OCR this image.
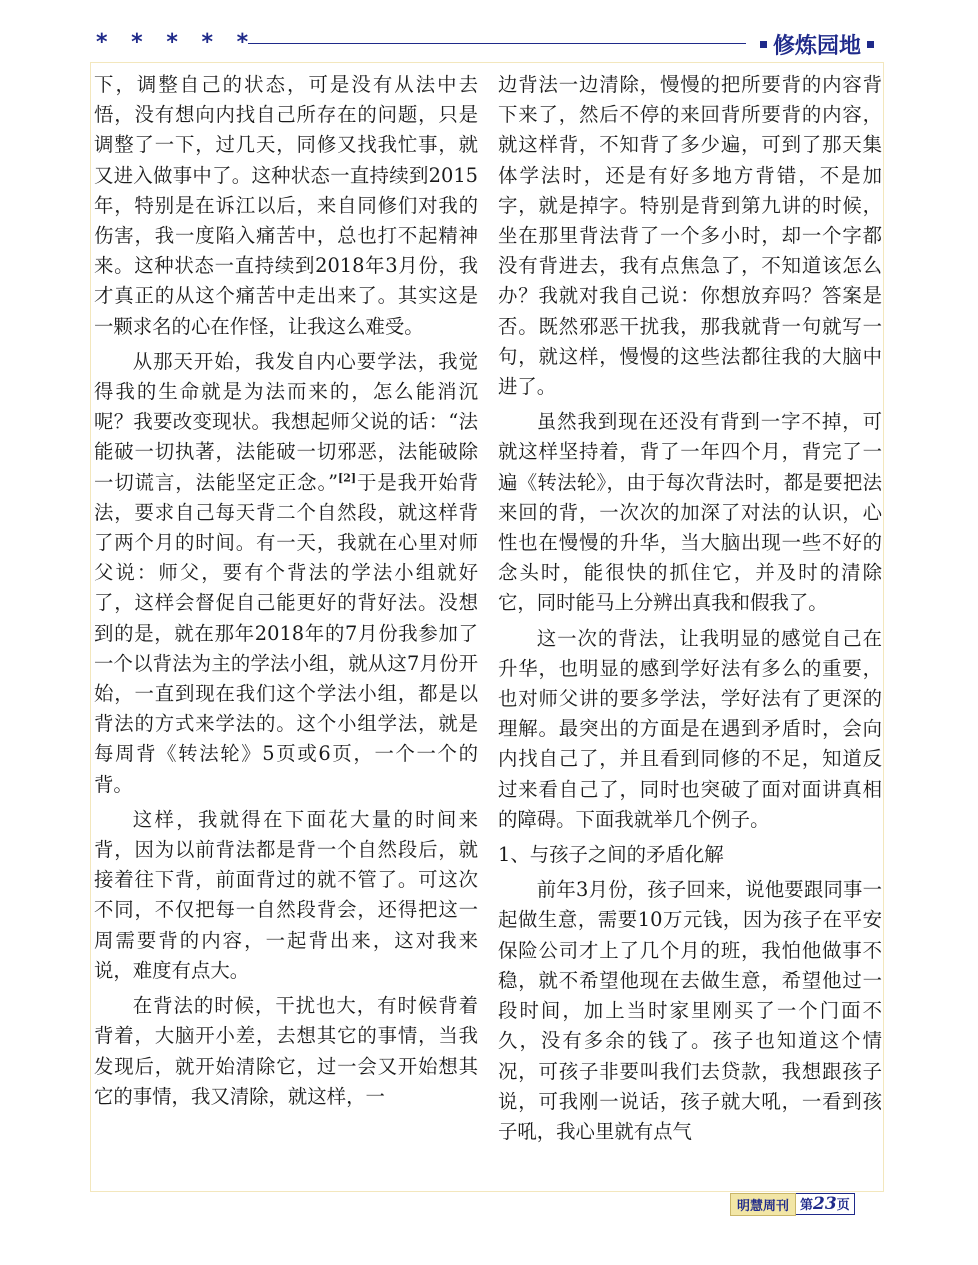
* * * * *	修炼园地

下，调整自己的状态，可是没有从法中去悟，没有想向内找自己所存在的问题，只是调整了一下，过几天，同修又找我忙事，就又进入做事中了。这种状态一直持续到2015年，特别是在诉江以后，来自同修们对我的伤害，我一度陷入痛苦中，总也打不起精神来。这种状态一直持续到2018年3月份，我才真正的从这个痛苦中走出来了。其实这是一颗求名的心在作怪，让我这么难受。

从那天开始，我发自内心要学法，我觉得我的生命就是为法而来的，怎么能消沉呢？我要改变现状。我想起师父说的话：“法能破一切执著，法能破一切邪恶，法能破除一切谎言，法能坚定正念。”[2]于是我开始背法，要求自己每天背二个自然段，就这样背了两个月的时间。有一天，我就在心里对师父说：师父，要有个背法的学法小组就好了，这样会督促自己能更好的背好法。没想到的是，就在那年2018年的7月份我参加了一个以背法为主的学法小组，就从这7月份开始，一直到现在我们这个学法小组，都是以背法的方式来学法的。这个小组学法，就是每周背《转法轮》5页或6页，一个一个的背。

这样，我就得在下面花大量的时间来背，因为以前背法都是背一个自然段后，就接着往下背，前面背过的就不管了。可这次不同，不仅把每一自然段背会，还得把这一周需要背的内容，一起背出来，这对我来说，难度有点大。

在背法的时候，干扰也大，有时候背着背着，大脑开小差，去想其它的事情，当我发现后，就开始清除它，过一会又开始想其它的事情，我又清除，就这样，一

边背法一边清除，慢慢的把所要背的内容背下来了，然后不停的来回背所要背的内容，就这样背，不知背了多少遍，可到了那天集体学法时，还是有好多地方背错，不是加字，就是掉字。特别是背到第九讲的时候，坐在那里背法背了一个多小时，却一个字都没有背进去，我有点焦急了，不知道该怎么办？我就对我自己说：你想放弃吗？答案是否。既然邪恶干扰我，那我就背一句就写一句，就这样，慢慢的这些法都往我的大脑中进了。

虽然我到现在还没有背到一字不掉，可就这样坚持着，背了一年四个月，背完了一遍《转法轮》，由于每次背法时，都是要把法来回的背，一次次的加深了对法的认识，心性也在慢慢的升华，当大脑出现一些不好的念头时，能很快的抓住它，并及时的清除它，同时能马上分辨出真我和假我了。

这一次的背法，让我明显的感觉自己在升华，也明显的感到学好法有多么的重要，也对师父讲的要多学法，学好法有了更深的理解。最突出的方面是在遇到矛盾时，会向内找自己了，并且看到同修的不足，知道反过来看自己了，同时也突破了面对面讲真相的障碍。下面我就举几个例子。

1、与孩子之间的矛盾化解

前年3月份，孩子回来，说他要跟同事一起做生意，需要10万元钱，因为孩子在平安保险公司才上了几个月的班，我怕他做事不稳，就不希望他现在去做生意，希望他过一段时间，加上当时家里刚买了一个门面不久，没有多余的钱了。孩子也知道这个情况，可孩子非要叫我们去贷款，我想跟孩子说，可我刚一说话，孩子就大吼，一看到孩子吼，我心里就有点气

明慧周刊 第23页
